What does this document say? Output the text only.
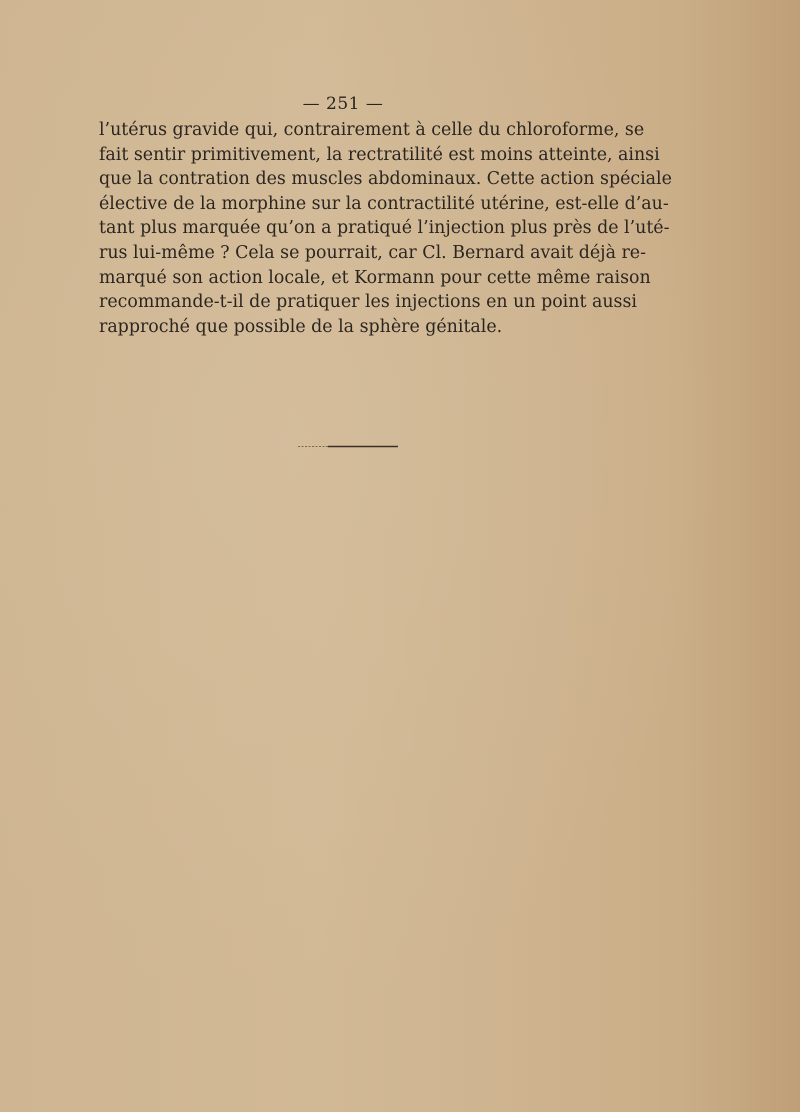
— 251 —
l’utérus gravide qui, contrairement à celle du chloroforme, se
fait sentir primitivement, la rectratilité est moins atteinte, ainsi
que la contration des muscles abdominaux. Cette action spéciale
élective de la morphine sur la contractilité utérine, est-elle d’au-
tant plus marquée qu’on a pratiqué l’injection plus près de l’uté-
rus lui-même ? Cela se pourrait, car Cl. Bernard avait déjà re-
marqué son action locale, et Kormann pour cette même raison
recommande-t-il de pratiquer les injections en un point aussi
rapproché que possible de la sphère génitale.
